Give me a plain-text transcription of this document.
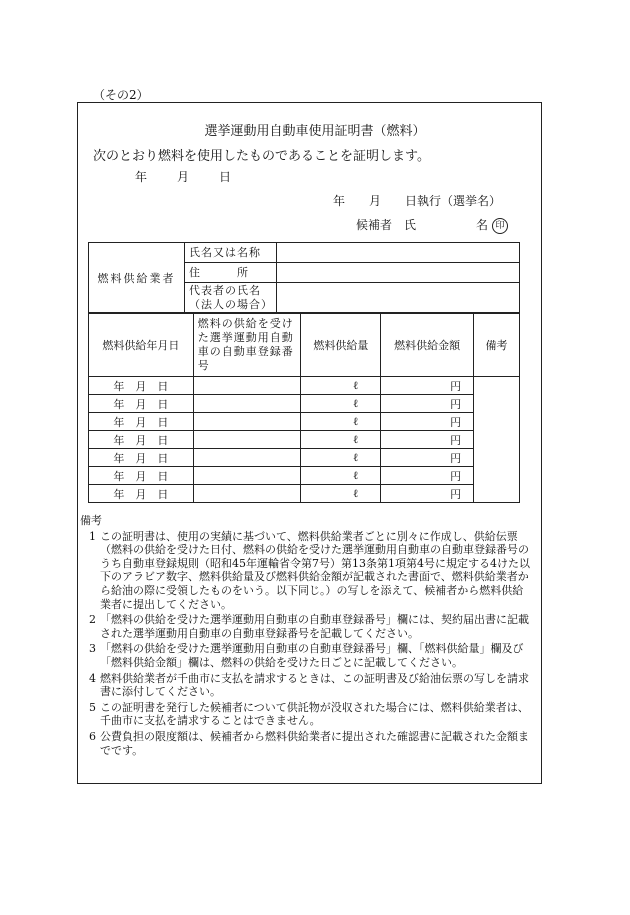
（その2）
選挙運動用自動車使用証明書（燃料）
次のとおり燃料を使用したものであることを証明します。
年	月	日
年　　月　　日執行（選挙名）
候補者　氏　　　　　名 印
燃料供給業者	氏名又は名称	
	住　　　所	
	代表者の氏名（法人の場合）	
燃料供給年月日	燃料の供給を受けた選挙運動用自動車の自動車登録番号	燃料供給量	燃料供給金額	備考
年　月　日		ℓ	円	
年　月　日		ℓ	円	
年　月　日		ℓ	円	
年　月　日		ℓ	円	
年　月　日		ℓ	円	
年　月　日		ℓ	円	
年　月　日		ℓ	円	
備考
1 この証明書は、使用の実績に基づいて、燃料供給業者ごとに別々に作成し、供給伝票（燃料の供給を受けた日付、燃料の供給を受けた選挙運動用自動車の自動車登録番号のうち自動車登録規則（昭和45年運輸省令第7号）第13条第1項第4号に規定する4けた以下のアラビア数字、燃料供給量及び燃料供給金額が記載された書面で、燃料供給業者から給油の際に受領したものをいう。以下同じ。）の写しを添えて、候補者から燃料供給業者に提出してください。
2 「燃料の供給を受けた選挙運動用自動車の自動車登録番号」欄には、契約届出書に記載された選挙運動用自動車の自動車登録番号を記載してください。
3 「燃料の供給を受けた選挙運動用自動車の自動車登録番号」欄、「燃料供給量」欄及び「燃料供給金額」欄は、燃料の供給を受けた日ごとに記載してください。
4 燃料供給業者が千曲市に支払を請求するときは、この証明書及び給油伝票の写しを請求書に添付してください。
5 この証明書を発行した候補者について供託物が没収された場合には、燃料供給業者は、千曲市に支払を請求することはできません。
6 公費負担の限度額は、候補者から燃料供給業者に提出された確認書に記載された金額までです。
